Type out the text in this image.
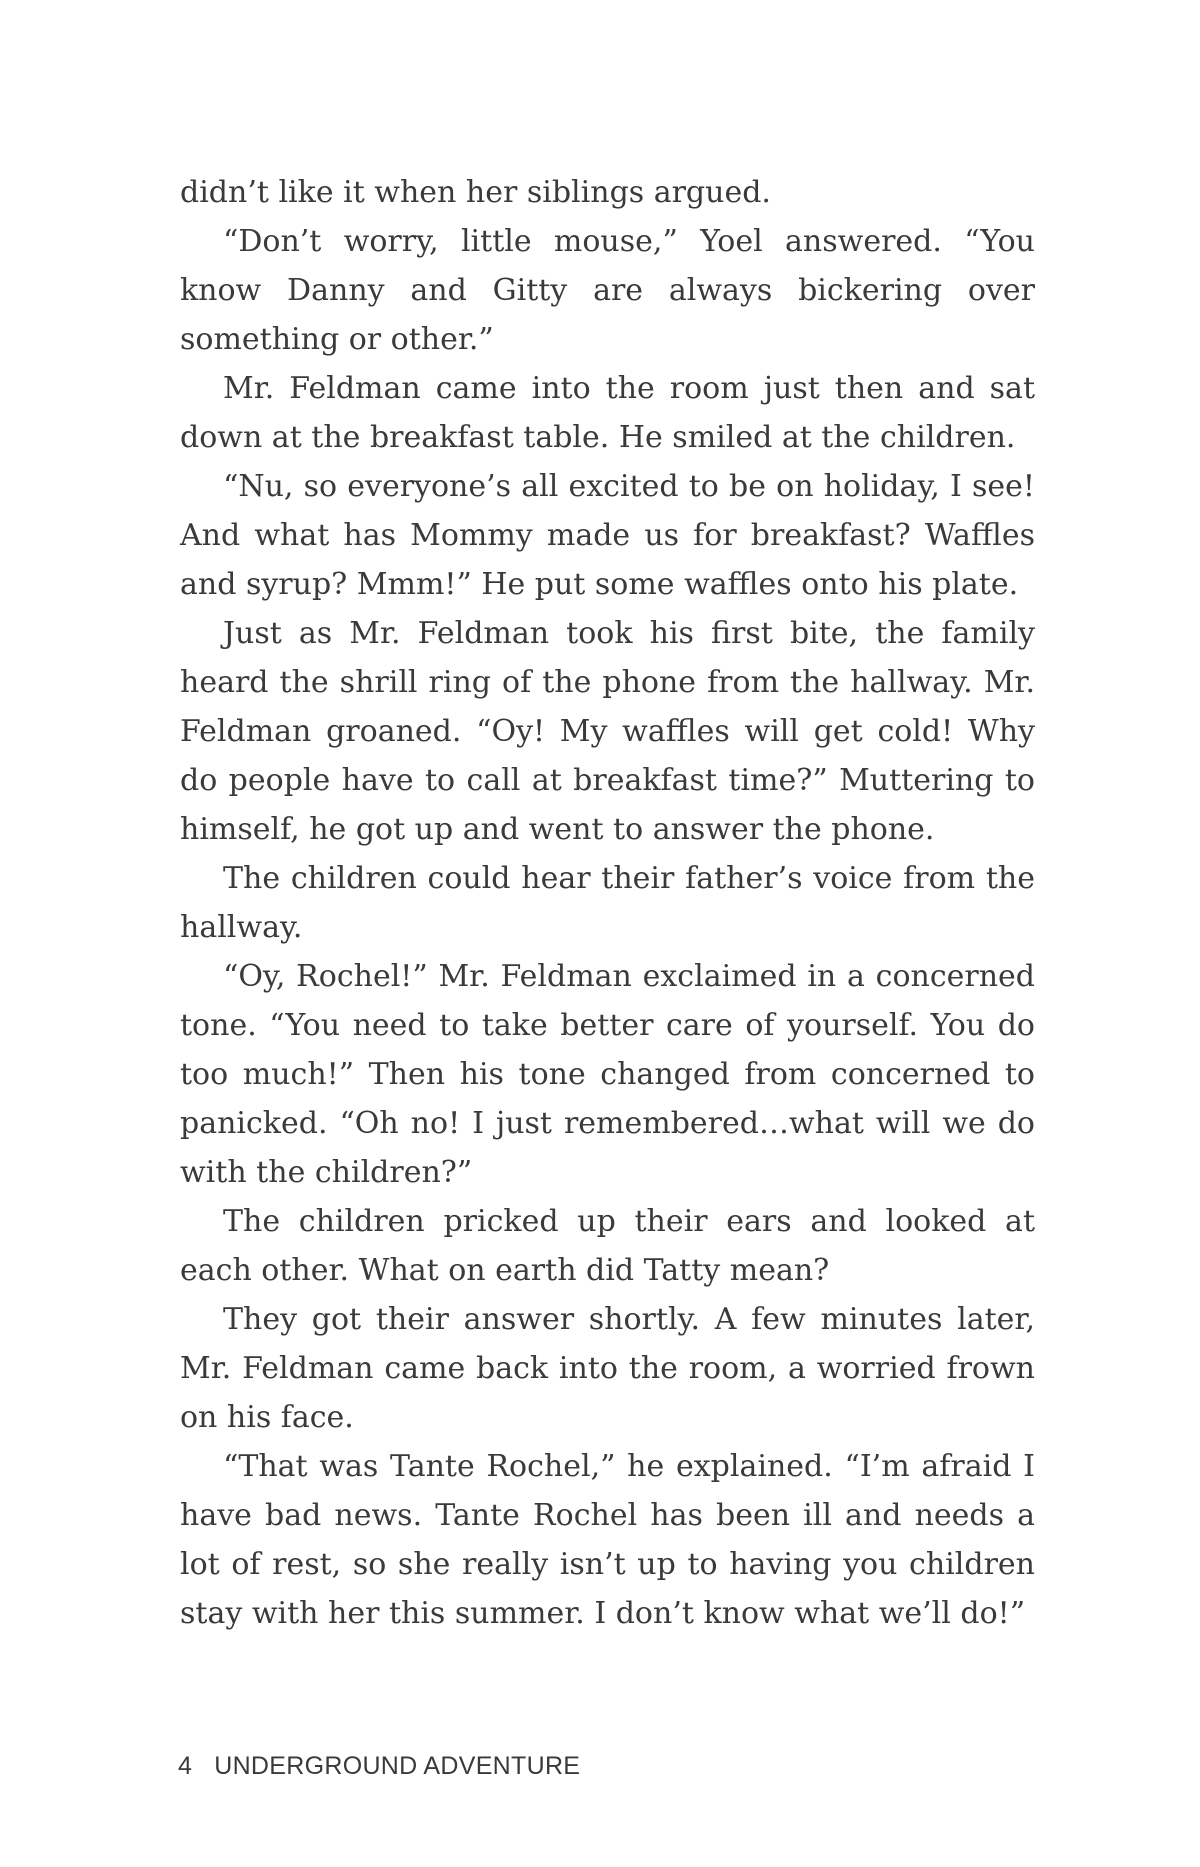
didn’t like it when her siblings argued.

“Don’t worry, little mouse,” Yoel answered. “You know Danny and Gitty are always bickering over something or other.”

Mr. Feldman came into the room just then and sat down at the breakfast table. He smiled at the children.

“Nu, so everyone’s all excited to be on holiday, I see! And what has Mommy made us for breakfast? Waffles and syrup? Mmm!” He put some waffles onto his plate.

Just as Mr. Feldman took his first bite, the family heard the shrill ring of the phone from the hallway. Mr. Feldman groaned. “Oy! My waffles will get cold! Why do people have to call at breakfast time?” Muttering to himself, he got up and went to answer the phone.

The children could hear their father’s voice from the hallway.

“Oy, Rochel!” Mr. Feldman exclaimed in a concerned tone. “You need to take better care of yourself. You do too much!” Then his tone changed from concerned to panicked. “Oh no! I just remembered…what will we do with the children?”

The children pricked up their ears and looked at each other. What on earth did Tatty mean?

They got their answer shortly. A few minutes later, Mr. Feldman came back into the room, a worried frown on his face.

“That was Tante Rochel,” he explained. “I’m afraid I have bad news. Tante Rochel has been ill and needs a lot of rest, so she really isn’t up to having you children stay with her this summer. I don’t know what we’ll do!”

4 UNDERGROUND ADVENTURE
